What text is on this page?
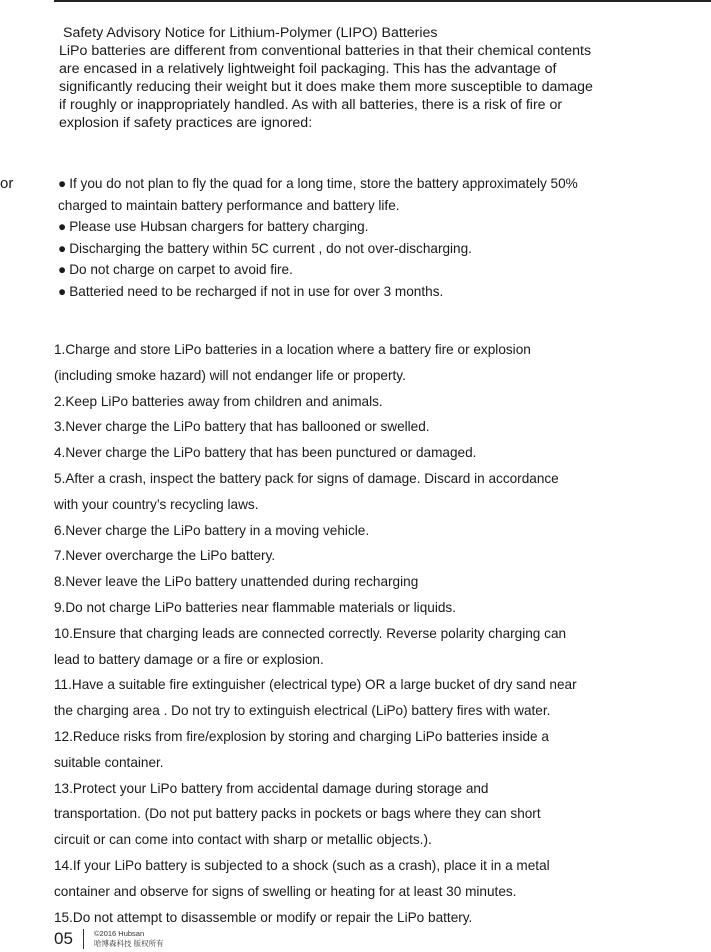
Safety Advisory Notice for Lithium-Polymer (LIPO) Batteries
LiPo batteries are different from conventional batteries in that their chemical contents
are encased in a relatively lightweight foil packaging. This has the advantage of
significantly reducing their weight but it does make them more susceptible to damage
if roughly or inappropriately handled. As with all batteries, there is a risk of fire or
explosion if safety practices are ignored:
or	● If you do not plan to fly the quad for a long time, store the battery approximately 50%
charged to maintain battery performance and battery life.
● Please use Hubsan chargers for battery charging.
● Discharging the battery within 5C current , do not over-discharging.
● Do not charge on carpet to avoid fire.
● Batteried need to be recharged if not in use for over 3 months.
1.Charge and store LiPo batteries in a location where a battery fire or explosion
(including smoke hazard) will not endanger life or property.
2.Keep LiPo batteries away from children and animals.
3.Never charge the LiPo battery that has ballooned or swelled.
4.Never charge the LiPo battery that has been punctured or damaged.
5.After a crash, inspect the battery pack for signs of damage. Discard in accordance
with your country’s recycling laws.
6.Never charge the LiPo battery in a moving vehicle.
7.Never overcharge the LiPo battery.
8.Never leave the LiPo battery unattended during recharging
9.Do not charge LiPo batteries near flammable materials or liquids.
10.Ensure that charging leads are connected correctly. Reverse polarity charging can
lead to battery damage or a fire or explosion.
11.Have a suitable fire extinguisher (electrical type) OR a large bucket of dry sand near
the charging area . Do not try to extinguish electrical (LiPo) battery fires with water.
12.Reduce risks from fire/explosion by storing and charging LiPo batteries inside a
suitable container.
13.Protect your LiPo battery from accidental damage during storage and
transportation. (Do not put battery packs in pockets or bags where they can short
circuit or can come into contact with sharp or metallic objects.).
14.If your LiPo battery is subjected to a shock (such as a crash), place it in a metal
container and observe for signs of swelling or heating for at least 30 minutes.
15.Do not attempt to disassemble or modify or repair the LiPo battery.
05	©2016 Hubsan
哈博森科技 版权所有
